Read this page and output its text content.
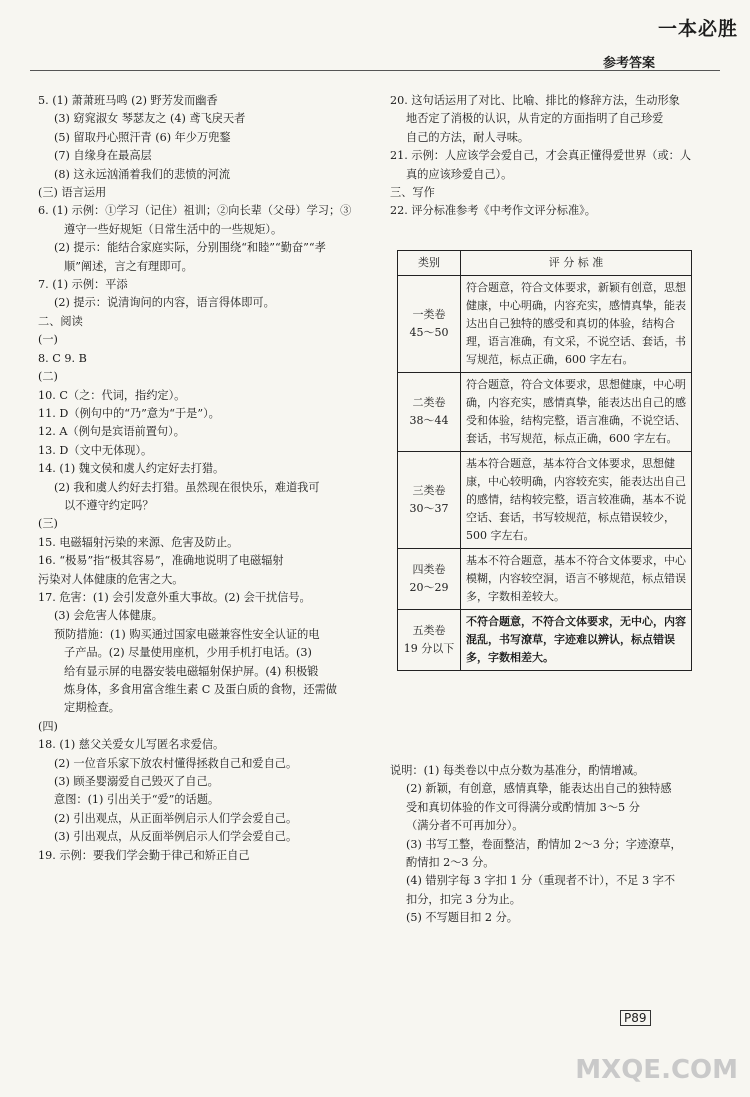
参考答案
一本必胜
5. (1) 萧萧班马鸣 (2) 野芳发而幽香
(3) 窈窕淑女 琴瑟友之 (4) 鸢飞戾天者
(5) 留取丹心照汗青 (6) 年少万兜鍪
(7) 自缘身在最高层
(8) 这永远汹涌着我们的悲愤的河流
(三) 语言运用
6. (1) 示例：①学习（记住）祖训；②向长辈（父母）学习；③
遵守一些好规矩（日常生活中的一些规矩）。
(2) 提示：能结合家庭实际，分别围绕“和睦”“勤奋”“孝
顺”阐述，言之有理即可。
7. (1) 示例：平添
(2) 提示：说清询问的内容，语言得体即可。
二、阅读
(一)
8. C 9. B
(二)
10. C（之：代词，指约定）。
11. D（例句中的“乃”意为“于是”）。
12. A（例句是宾语前置句）。
13. D（文中无体现）。
14. (1) 魏文侯和虞人约定好去打猎。
(2) 我和虞人约好去打猎。虽然现在很快乐，难道我可
以不遵守约定吗？
(三)
15. 电磁辐射污染的来源、危害及防止。
16. “极易”指“极其容易”，准确地说明了电磁辐射
污染对人体健康的危害之大。
17. 危害：(1) 会引发意外重大事故。(2) 会干扰信号。
(3) 会危害人体健康。
预防措施：(1) 购买通过国家电磁兼容性安全认证的电
子产品。(2) 尽量使用座机，少用手机打电话。(3)
给有显示屏的电器安装电磁辐射保护屏。(4) 积极锻
炼身体，多食用富含维生素 C 及蛋白质的食物，还需做
定期检查。
(四)
18. (1) 慈父关爱女儿写匿名求爱信。
(2) 一位音乐家下放农村懂得拯救自己和爱自己。
(3) 顾圣婴溺爱自己毁灭了自己。
意图：(1) 引出关于“爱”的话题。
(2) 引出观点，从正面举例启示人们学会爱自己。
(3) 引出观点，从反面举例启示人们学会爱自己。
19. 示例：要我们学会勤于律己和矫正自己
20. 这句话运用了对比、比喻、排比的修辞方法，生动形象
地否定了消极的认识，从肯定的方面指明了自己珍爱
自己的方法，耐人寻味。
21. 示例：人应该学会爱自己，才会真正懂得爱世界（或：人
真的应该珍爱自己）。
三、写作
22. 评分标准参考《中考作文评分标准》。
类别	评 分 标 准

一类卷
45～50	符合题意，符合文体要求，新颖有创意，思想健康，中心明确，内容充实，感情真挚，能表达出自己独特的感受和真切的体验，结构合理，语言准确，有文采，不说空话、套话，书写规范，标点正确，600 字左右。

二类卷
38～44	符合题意，符合文体要求，思想健康，中心明确，内容充实，感情真挚，能表达出自己的感受和体验，结构完整，语言准确，不说空话、套话，书写规范，标点正确，600 字左右。

三类卷
30～37	基本符合题意，基本符合文体要求，思想健康，中心较明确，内容较充实，能表达出自己的感情，结构较完整，语言较准确，基本不说空话、套话，书写较规范，标点错误较少，500 字左右。

四类卷
20～29	基本不符合题意，基本不符合文体要求，中心模糊，内容较空洞，语言不够规范，标点错误多，字数相差较大。

五类卷
19 分以下	不符合题意，不符合文体要求，无中心，内容混乱，书写潦草，字迹难以辨认，标点错误多，字数相差大。
说明：(1) 每类卷以中点分数为基准分，酌情增减。
(2) 新颖，有创意，感情真挚，能表达出自己的独特感
受和真切体验的作文可得满分或酌情加 3～5 分
（满分者不可再加分）。
(3) 书写工整，卷面整洁，酌情加 2～3 分；字迹潦草，
酌情扣 2～3 分。
(4) 错别字每 3 字扣 1 分（重现者不计），不足 3 字不
扣分，扣完 3 分为止。
(5) 不写题目扣 2 分。
P89
MXQE.COM
